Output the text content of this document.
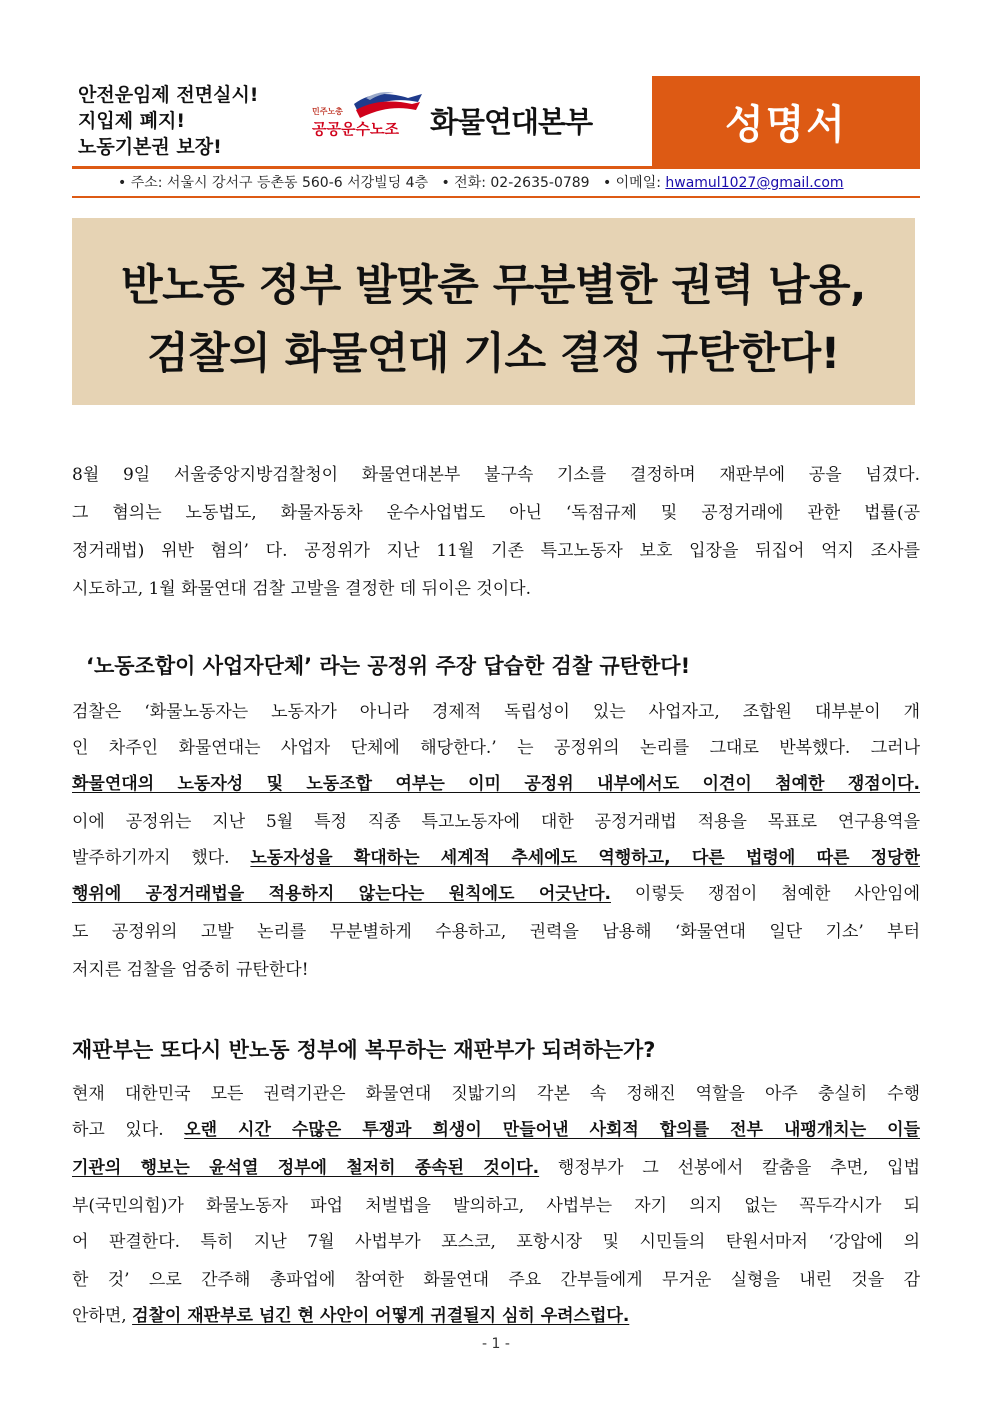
안전운임제 전면실시!
지입제 폐지!
노동기본권 보장!
민주노총
공공운수노조 화물연대본부	성명서
• 주소: 서울시 강서구 등촌동 560-6 서강빌딩 4층 • 전화: 02-2635-0789 • 이메일: hwamul1027@gmail.com
반노동 정부 발맞춘 무분별한 권력 남용,
검찰의 화물연대 기소 결정 규탄한다!
8월 9일 서울중앙지방검찰청이 화물연대본부 불구속 기소를 결정하며 재판부에 공을 넘겼다.
그 혐의는 노동법도, 화물자동차 운수사업법도 아닌 ‘독점규제 및 공정거래에 관한 법률(공
정거래법) 위반 혐의’ 다. 공정위가 지난 11월 기존 특고노동자 보호 입장을 뒤집어 억지 조사를
시도하고, 1월 화물연대 검찰 고발을 결정한 데 뒤이은 것이다.
‘노동조합이 사업자단체’ 라는 공정위 주장 답습한 검찰 규탄한다!
검찰은 ‘화물노동자는 노동자가 아니라 경제적 독립성이 있는 사업자고, 조합원 대부분이 개
인 차주인 화물연대는 사업자 단체에 해당한다.’ 는 공정위의 논리를 그대로 반복했다. 그러나
화물연대의 노동자성 및 노동조합 여부는 이미 공정위 내부에서도 이견이 첨예한 쟁점이다.
이에 공정위는 지난 5월 특정 직종 특고노동자에 대한 공정거래법 적용을 목표로 연구용역을
발주하기까지 했다. 노동자성을 확대하는 세계적 추세에도 역행하고, 다른 법령에 따른 정당한
행위에 공정거래법을 적용하지 않는다는 원칙에도 어긋난다. 이렇듯 쟁점이 첨예한 사안임에
도 공정위의 고발 논리를 무분별하게 수용하고, 권력을 남용해 ‘화물연대 일단 기소’ 부터
저지른 검찰을 엄중히 규탄한다!
재판부는 또다시 반노동 정부에 복무하는 재판부가 되려하는가?
현재 대한민국 모든 권력기관은 화물연대 짓밟기의 각본 속 정해진 역할을 아주 충실히 수행
하고 있다. 오랜 시간 수많은 투쟁과 희생이 만들어낸 사회적 합의를 전부 내팽개치는 이들
기관의 행보는 윤석열 정부에 철저히 종속된 것이다. 행정부가 그 선봉에서 칼춤을 추면, 입법
부(국민의힘)가 화물노동자 파업 처벌법을 발의하고, 사법부는 자기 의지 없는 꼭두각시가 되
어 판결한다. 특히 지난 7월 사법부가 포스코, 포항시장 및 시민들의 탄원서마저 ‘강압에 의
한 것’ 으로 간주해 총파업에 참여한 화물연대 주요 간부들에게 무거운 실형을 내린 것을 감
안하면, 검찰이 재판부로 넘긴 현 사안이 어떻게 귀결될지 심히 우려스럽다.
- 1 -
